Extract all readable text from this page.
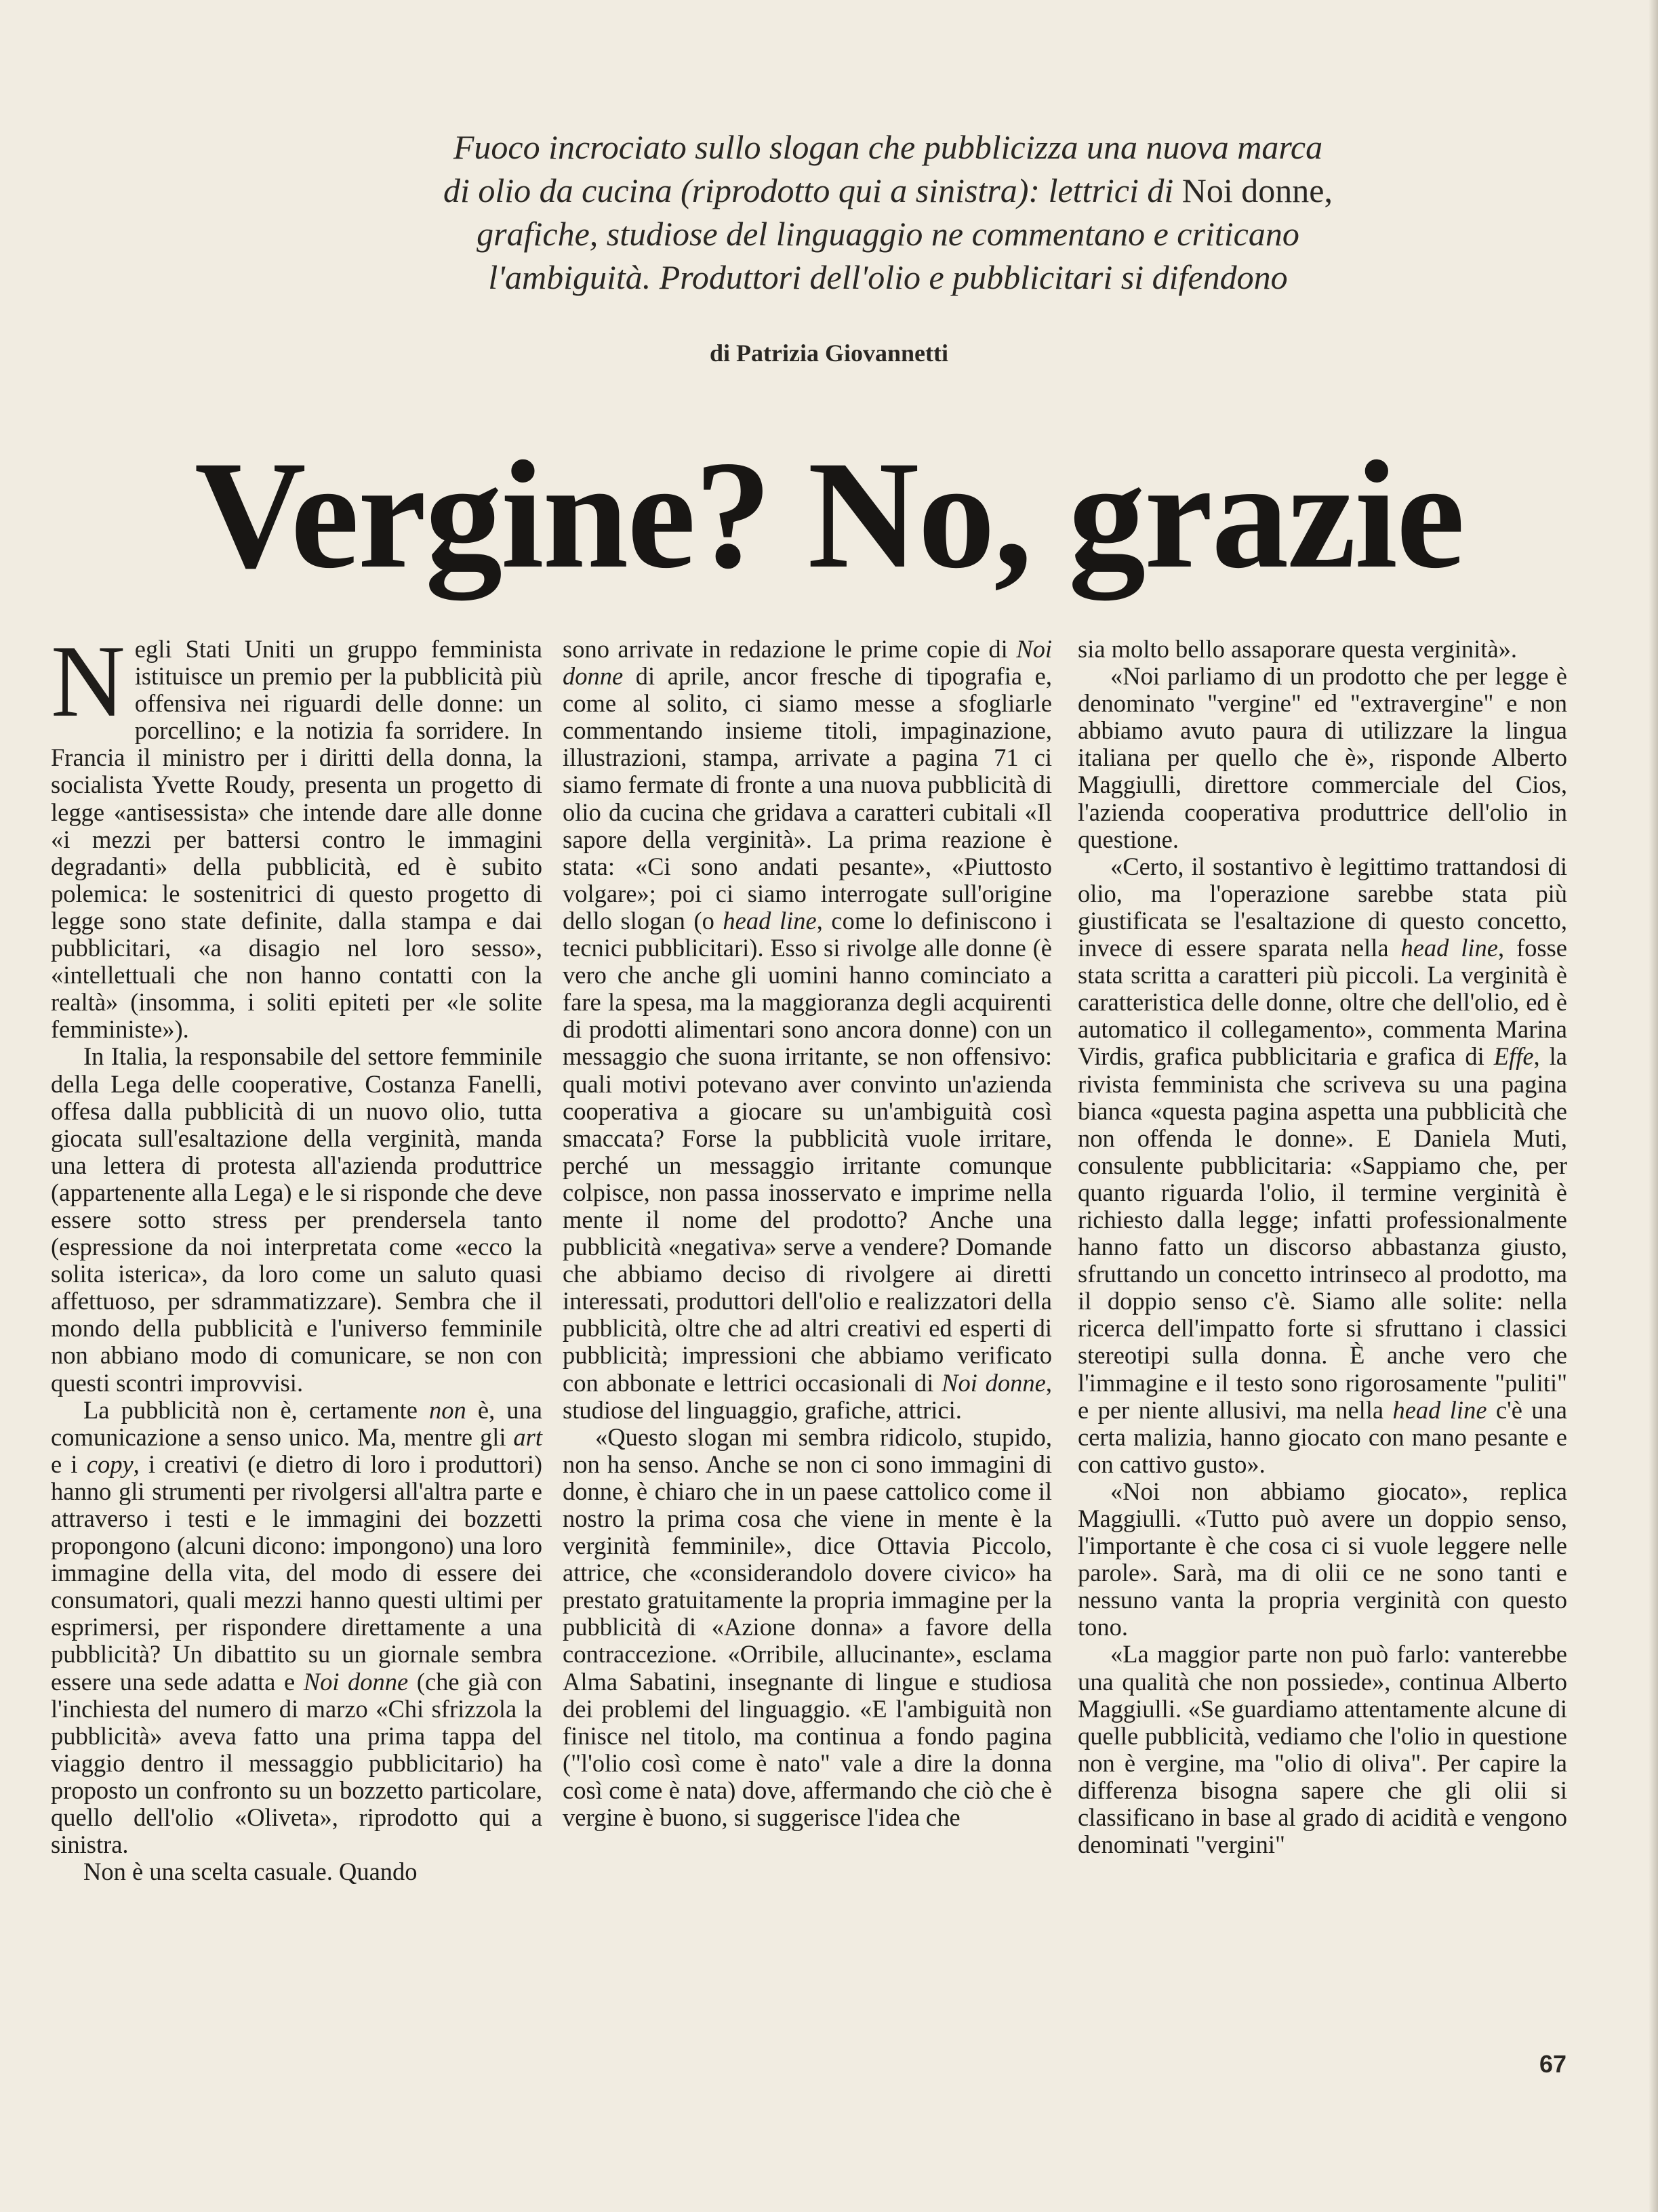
Fuoco incrociato sullo slogan che pubblicizza una nuova marca
di olio da cucina (riprodotto qui a sinistra): lettrici di Noi donne,
grafiche, studiose del linguaggio ne commentano e criticano
l'ambiguità. Produttori dell'olio e pubblicitari si difendono
di Patrizia Giovannetti
Vergine? No, grazie

Negli Stati Uniti un gruppo femminista istituisce un premio per la pubblicità più offensiva nei riguardi delle donne: un porcellino; e la notizia fa sorridere. In Francia il ministro per i diritti della donna, la socialista Yvette Roudy, presenta un progetto di legge «antisessista» che intende dare alle donne «i mezzi per battersi contro le immagini degradanti» della pubblicità, ed è subito polemica: le sostenitrici di questo progetto di legge sono state definite, dalla stampa e dai pubblicitari, «a disagio nel loro sesso», «intellettuali che non hanno contatti con la realtà» (insomma, i soliti epiteti per «le solite femministe»).

In Italia, la responsabile del settore femminile della Lega delle cooperative, Costanza Fanelli, offesa dalla pubblicità di un nuovo olio, tutta giocata sull'esaltazione della verginità, manda una lettera di protesta all'azienda produttrice (appartenente alla Lega) e le si risponde che deve essere sotto stress per prendersela tanto (espressione da noi interpretata come «ecco la solita isterica», da loro come un saluto quasi affettuoso, per sdrammatizzare). Sembra che il mondo della pubblicità e l'universo femminile non abbiano modo di comunicare, se non con questi scontri improvvisi.

La pubblicità non è, certamente non è, una comunicazione a senso unico. Ma, mentre gli art e i copy, i creativi (e dietro di loro i produttori) hanno gli strumenti per rivolgersi all'altra parte e attraverso i testi e le immagini dei bozzetti propongono (alcuni dicono: impongono) una loro immagine della vita, del modo di essere dei consumatori, quali mezzi hanno questi ultimi per esprimersi, per rispondere direttamente a una pubblicità? Un dibattito su un giornale sembra essere una sede adatta e Noi donne (che già con l'inchiesta del numero di marzo «Chi sfrizzola la pubblicità» aveva fatto una prima tappa del viaggio dentro il messaggio pubblicitario) ha proposto un confronto su un bozzetto particolare, quello dell'olio «Oliveta», riprodotto qui a sinistra.

Non è una scelta casuale. Quando

sono arrivate in redazione le prime copie di Noi donne di aprile, ancor fresche di tipografia e, come al solito, ci siamo messe a sfogliarle commentando insieme titoli, impaginazione, illustrazioni, stampa, arrivate a pagina 71 ci siamo fermate di fronte a una nuova pubblicità di olio da cucina che gridava a caratteri cubitali «Il sapore della verginità». La prima reazione è stata: «Ci sono andati pesante», «Piuttosto volgare»; poi ci siamo interrogate sull'origine dello slogan (o head line, come lo definiscono i tecnici pubblicitari). Esso si rivolge alle donne (è vero che anche gli uomini hanno cominciato a fare la spesa, ma la maggioranza degli acquirenti di prodotti alimentari sono ancora donne) con un messaggio che suona irritante, se non offensivo: quali motivi potevano aver convinto un'azienda cooperativa a giocare su un'ambiguità così smaccata? Forse la pubblicità vuole irritare, perché un messaggio irritante comunque colpisce, non passa inosservato e imprime nella mente il nome del prodotto? Anche una pubblicità «negativa» serve a vendere? Domande che abbiamo deciso di rivolgere ai diretti interessati, produttori dell'olio e realizzatori della pubblicità, oltre che ad altri creativi ed esperti di pubblicità; impressioni che abbiamo verificato con abbonate e lettrici occasionali di Noi donne, studiose del linguaggio, grafiche, attrici.

«Questo slogan mi sembra ridicolo, stupido, non ha senso. Anche se non ci sono immagini di donne, è chiaro che in un paese cattolico come il nostro la prima cosa che viene in mente è la verginità femminile», dice Ottavia Piccolo, attrice, che «considerandolo dovere civico» ha prestato gratuitamente la propria immagine per la pubblicità di «Azione donna» a favore della contraccezione. «Orribile, allucinante», esclama Alma Sabatini, insegnante di lingue e studiosa dei problemi del linguaggio. «E l'ambiguità non finisce nel titolo, ma continua a fondo pagina ("l'olio così come è nato" vale a dire la donna così come è nata) dove, affermando che ciò che è vergine è buono, si suggerisce l'idea che

sia molto bello assaporare questa verginità».

«Noi parliamo di un prodotto che per legge è denominato "vergine" ed "extravergine" e non abbiamo avuto paura di utilizzare la lingua italiana per quello che è», risponde Alberto Maggiulli, direttore commerciale del Cios, l'azienda cooperativa produttrice dell'olio in questione.

«Certo, il sostantivo è legittimo trattandosi di olio, ma l'operazione sarebbe stata più giustificata se l'esaltazione di questo concetto, invece di essere sparata nella head line, fosse stata scritta a caratteri più piccoli. La verginità è caratteristica delle donne, oltre che dell'olio, ed è automatico il collegamento», commenta Marina Virdis, grafica pubblicitaria e grafica di Effe, la rivista femminista che scriveva su una pagina bianca «questa pagina aspetta una pubblicità che non offenda le donne». E Daniela Muti, consulente pubblicitaria: «Sappiamo che, per quanto riguarda l'olio, il termine verginità è richiesto dalla legge; infatti professionalmente hanno fatto un discorso abbastanza giusto, sfruttando un concetto intrinseco al prodotto, ma il doppio senso c'è. Siamo alle solite: nella ricerca dell'impatto forte si sfruttano i classici stereotipi sulla donna. È anche vero che l'immagine e il testo sono rigorosamente "puliti" e per niente allusivi, ma nella head line c'è una certa malizia, hanno giocato con mano pesante e con cattivo gusto».

«Noi non abbiamo giocato», replica Maggiulli. «Tutto può avere un doppio senso, l'importante è che cosa ci si vuole leggere nelle parole». Sarà, ma di olii ce ne sono tanti e nessuno vanta la propria verginità con questo tono.

«La maggior parte non può farlo: vanterebbe una qualità che non possiede», continua Alberto Maggiulli. «Se guardiamo attentamente alcune di quelle pubblicità, vediamo che l'olio in questione non è vergine, ma "olio di oliva". Per capire la differenza bisogna sapere che gli olii si classificano in base al grado di acidità e vengono denominati "vergini"

67
